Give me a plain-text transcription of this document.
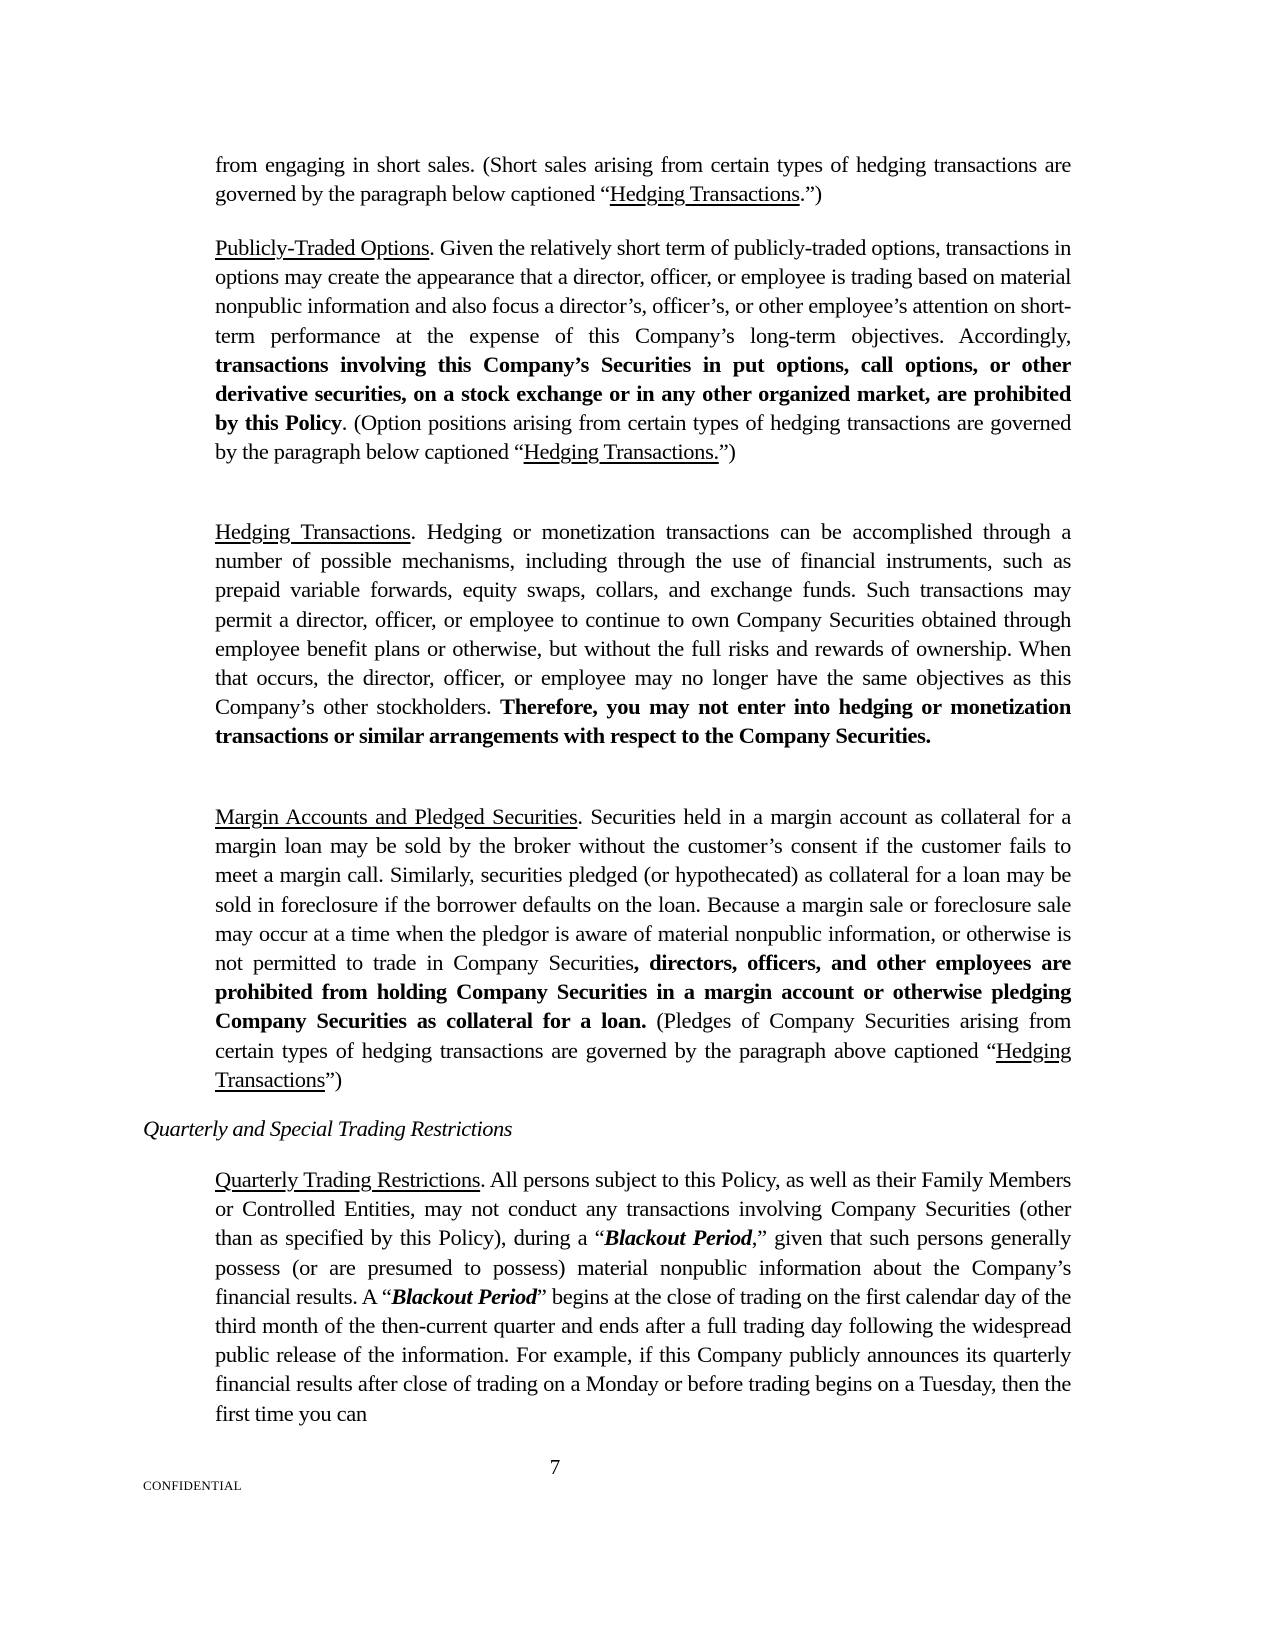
from engaging in short sales. (Short sales arising from certain types of hedging transactions are governed by the paragraph below captioned “Hedging Transactions.”)

Publicly-Traded Options. Given the relatively short term of publicly-traded options, transactions in options may create the appearance that a director, officer, or employee is trading based on material nonpublic information and also focus a director’s, officer’s, or other employee’s attention on short-term performance at the expense of this Company’s long-term objectives. Accordingly, transactions involving this Company’s Securities in put options, call options, or other derivative securities, on a stock exchange or in any other organized market, are prohibited by this Policy. (Option positions arising from certain types of hedging transactions are governed by the paragraph below captioned “Hedging Transactions.”)

Hedging Transactions. Hedging or monetization transactions can be accomplished through a number of possible mechanisms, including through the use of financial instruments, such as prepaid variable forwards, equity swaps, collars, and exchange funds. Such transactions may permit a director, officer, or employee to continue to own Company Securities obtained through employee benefit plans or otherwise, but without the full risks and rewards of ownership. When that occurs, the director, officer, or employee may no longer have the same objectives as this Company’s other stockholders. Therefore, you may not enter into hedging or monetization transactions or similar arrangements with respect to the Company Securities.

Margin Accounts and Pledged Securities. Securities held in a margin account as collateral for a margin loan may be sold by the broker without the customer’s consent if the customer fails to meet a margin call. Similarly, securities pledged (or hypothecated) as collateral for a loan may be sold in foreclosure if the borrower defaults on the loan. Because a margin sale or foreclosure sale may occur at a time when the pledgor is aware of material nonpublic information, or otherwise is not permitted to trade in Company Securities, directors, officers, and other employees are prohibited from holding Company Securities in a margin account or otherwise pledging Company Securities as collateral for a loan. (Pledges of Company Securities arising from certain types of hedging transactions are governed by the paragraph above captioned “Hedging Transactions”)

Quarterly and Special Trading Restrictions

Quarterly Trading Restrictions. All persons subject to this Policy, as well as their Family Members or Controlled Entities, may not conduct any transactions involving Company Securities (other than as specified by this Policy), during a “Blackout Period,” given that such persons generally possess (or are presumed to possess) material nonpublic information about the Company’s financial results. A “Blackout Period” begins at the close of trading on the first calendar day of the third month of the then-current quarter and ends after a full trading day following the widespread public release of the information. For example, if this Company publicly announces its quarterly financial results after close of trading on a Monday or before trading begins on a Tuesday, then the first time you can

7
CONFIDENTIAL
